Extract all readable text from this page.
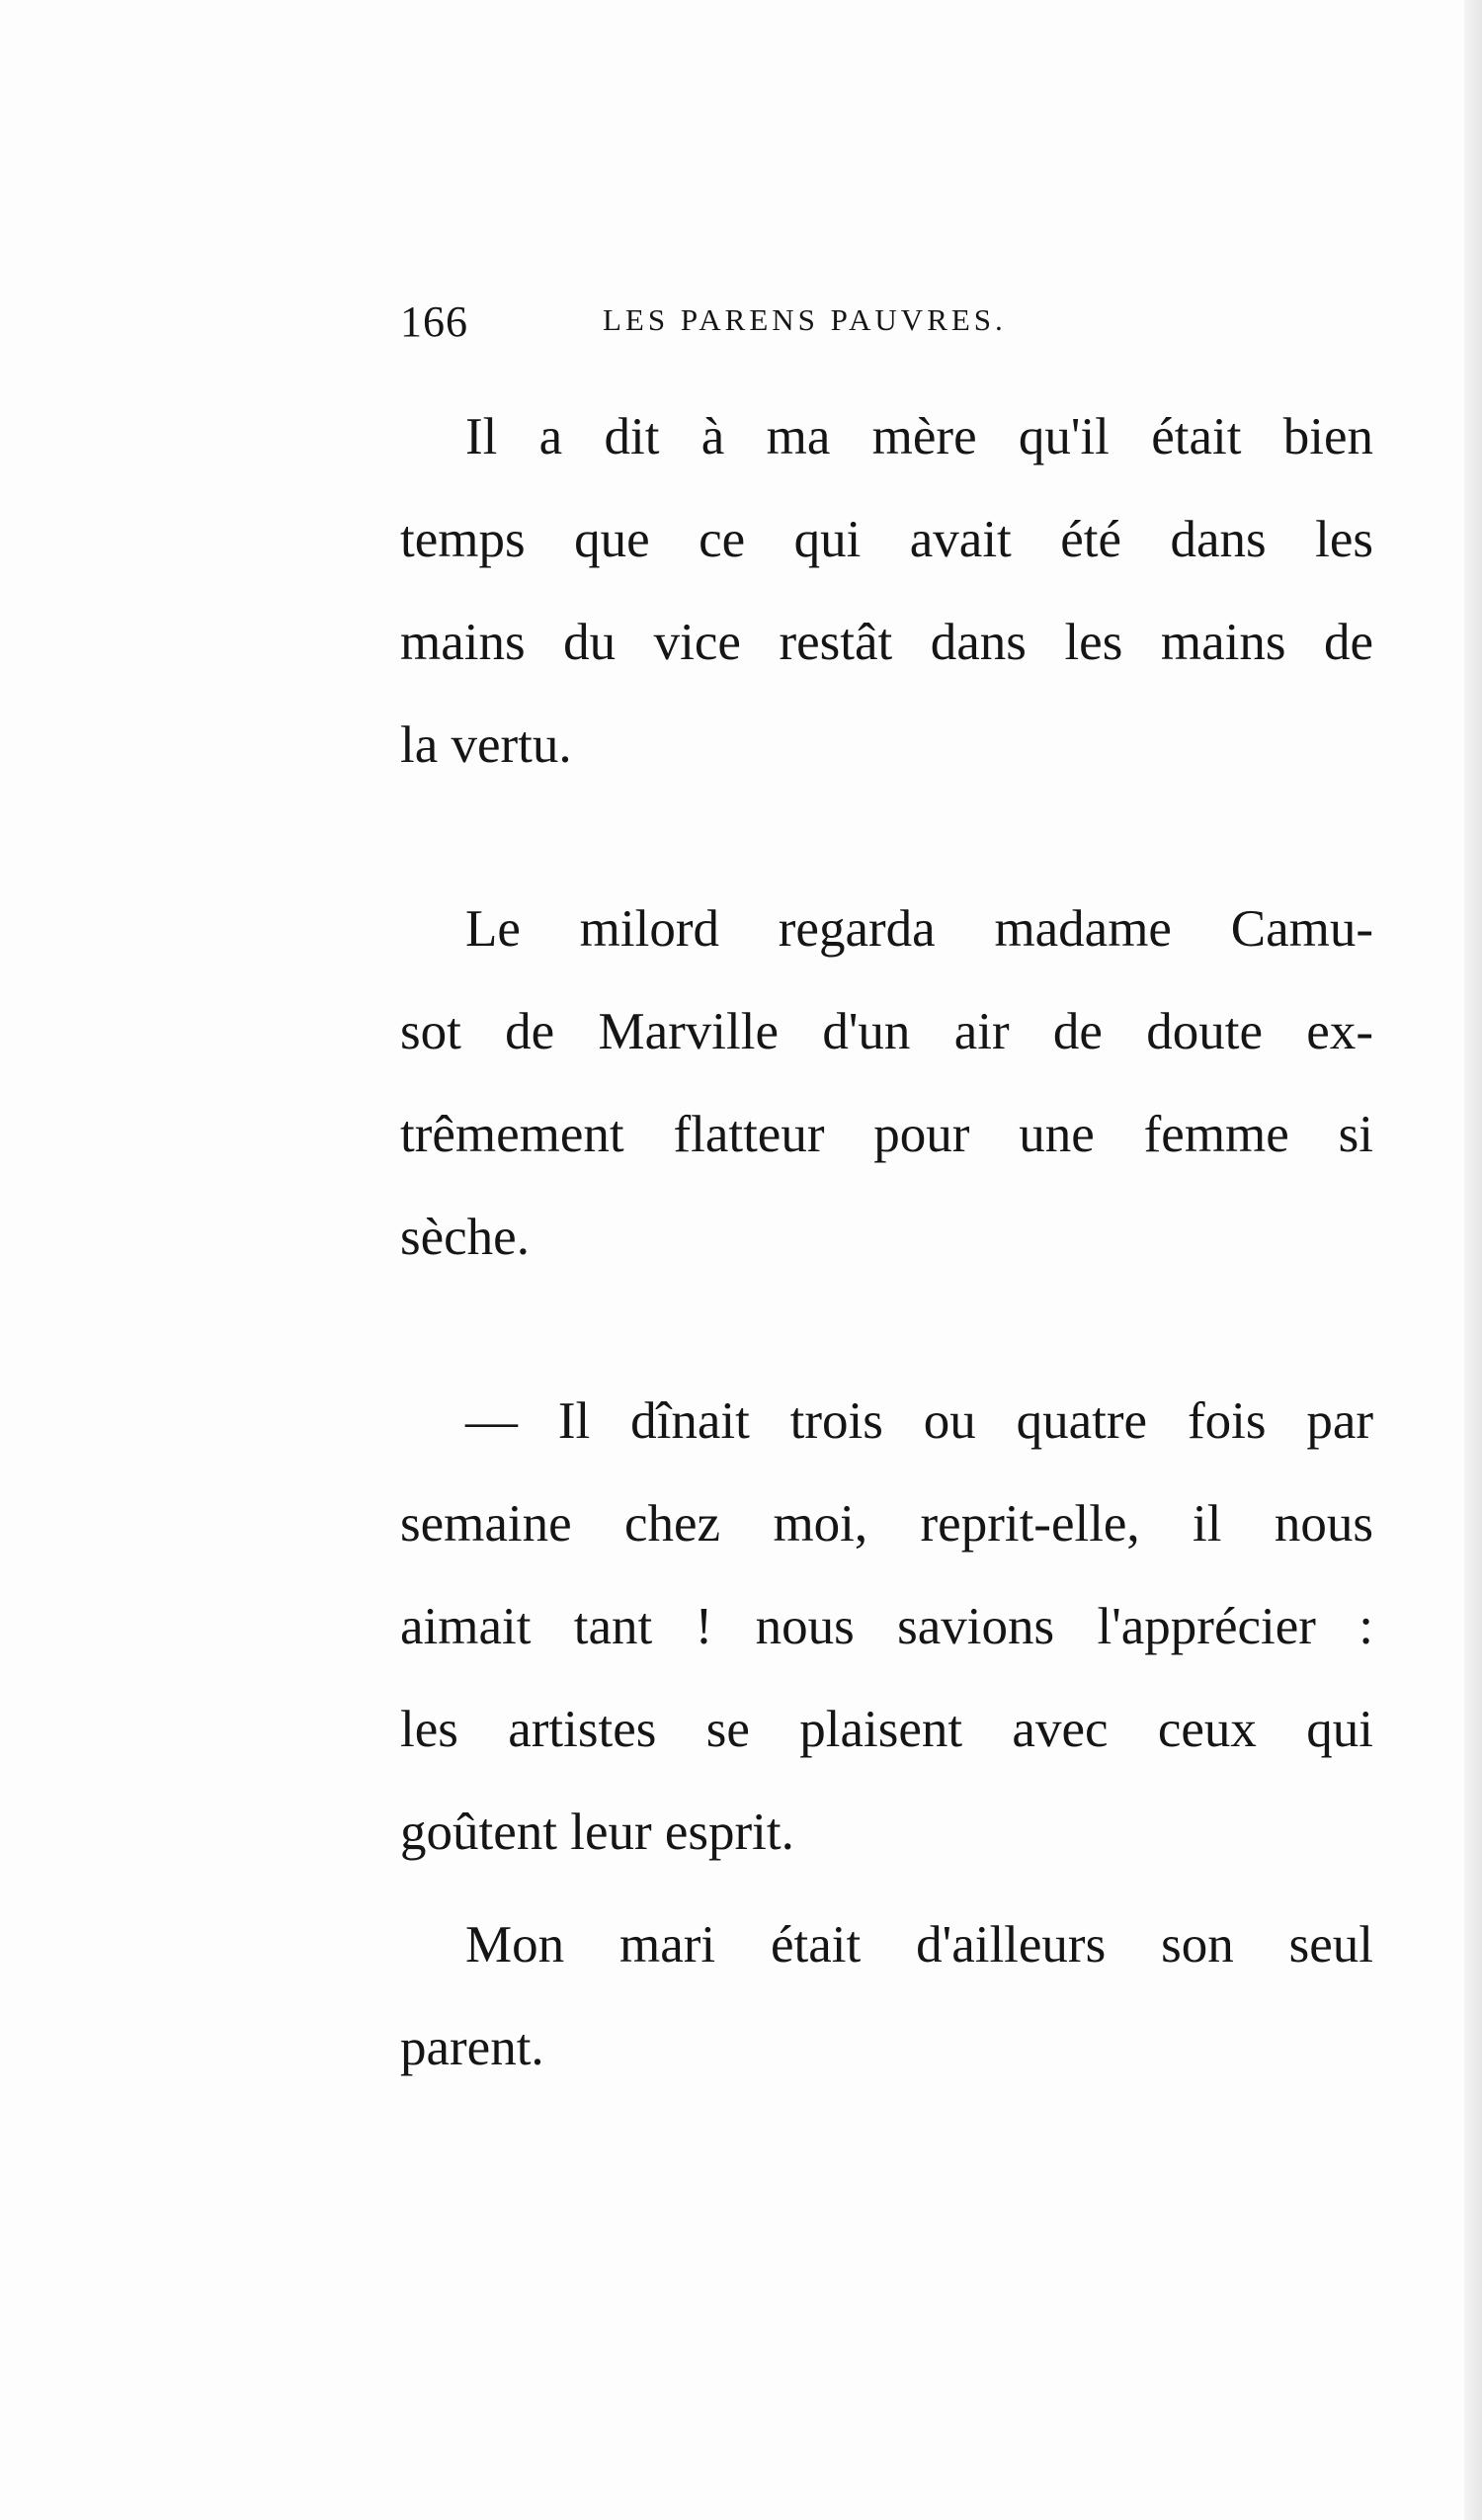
166	LES PARENS PAUVRES.
Il a dit à ma mère qu'il était bien
temps que ce qui avait été dans les
mains du vice restât dans les mains de
la vertu.
Le milord regarda madame Camu-
sot de Marville d'un air de doute ex-
trêmement flatteur pour une femme si
sèche.
— Il dînait trois ou quatre fois par
semaine chez moi, reprit-elle, il nous
aimait tant ! nous savions l'apprécier :
les artistes se plaisent avec ceux qui
goûtent leur esprit.
Mon mari était d'ailleurs son seul
parent.
